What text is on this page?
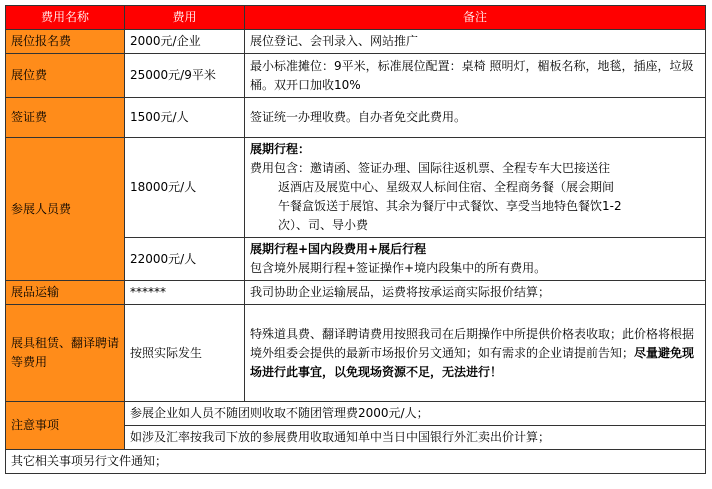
费用名称	费用	备注
展位报名费	2000元/企业	展位登记、会刊录入、网站推广
展位费	25000元/9平米	最小标准摊位：9平米，标准展位配置：桌椅 照明灯，楣板名称，地毯，插座，垃圾桶。双开口加收10%
签证费	1500元/人	签证统一办理收费。自办者免交此费用。
参展人员费	18000元/人	展期行程：
费用包含：邀请函、签证办理、国际往返机票、全程专车大巴接送往
返酒店及展览中心、星级双人标间住宿、全程商务餐（展会期间
午餐盒饭送于展馆、其余为餐厅中式餐饮、享受当地特色餐饮1-2
次）、司、导小费

	22000元/人	展期行程+国内段费用+展后行程
包含境外展期行程+签证操作+境内段集中的所有费用。

展品运输	******	我司协助企业运输展品，运费将按承运商实际报价结算；
展具租赁、翻译聘请等费用	按照实际发生	特殊道具费、翻译聘请费用按照我司在后期操作中所提供价格表收取；此价格将根据境外组委会提供的最新市场报价另文通知；如有需求的企业请提前告知；尽量避免现场进行此事宜，以免现场资源不足，无法进行！
注意事项	参展企业如人员不随团则收取不随团管理费2000元/人；	
	如涉及汇率按我司下放的参展费用收取通知单中当日中国银行外汇卖出价计算；	
其它相关事项另行文件通知；		
